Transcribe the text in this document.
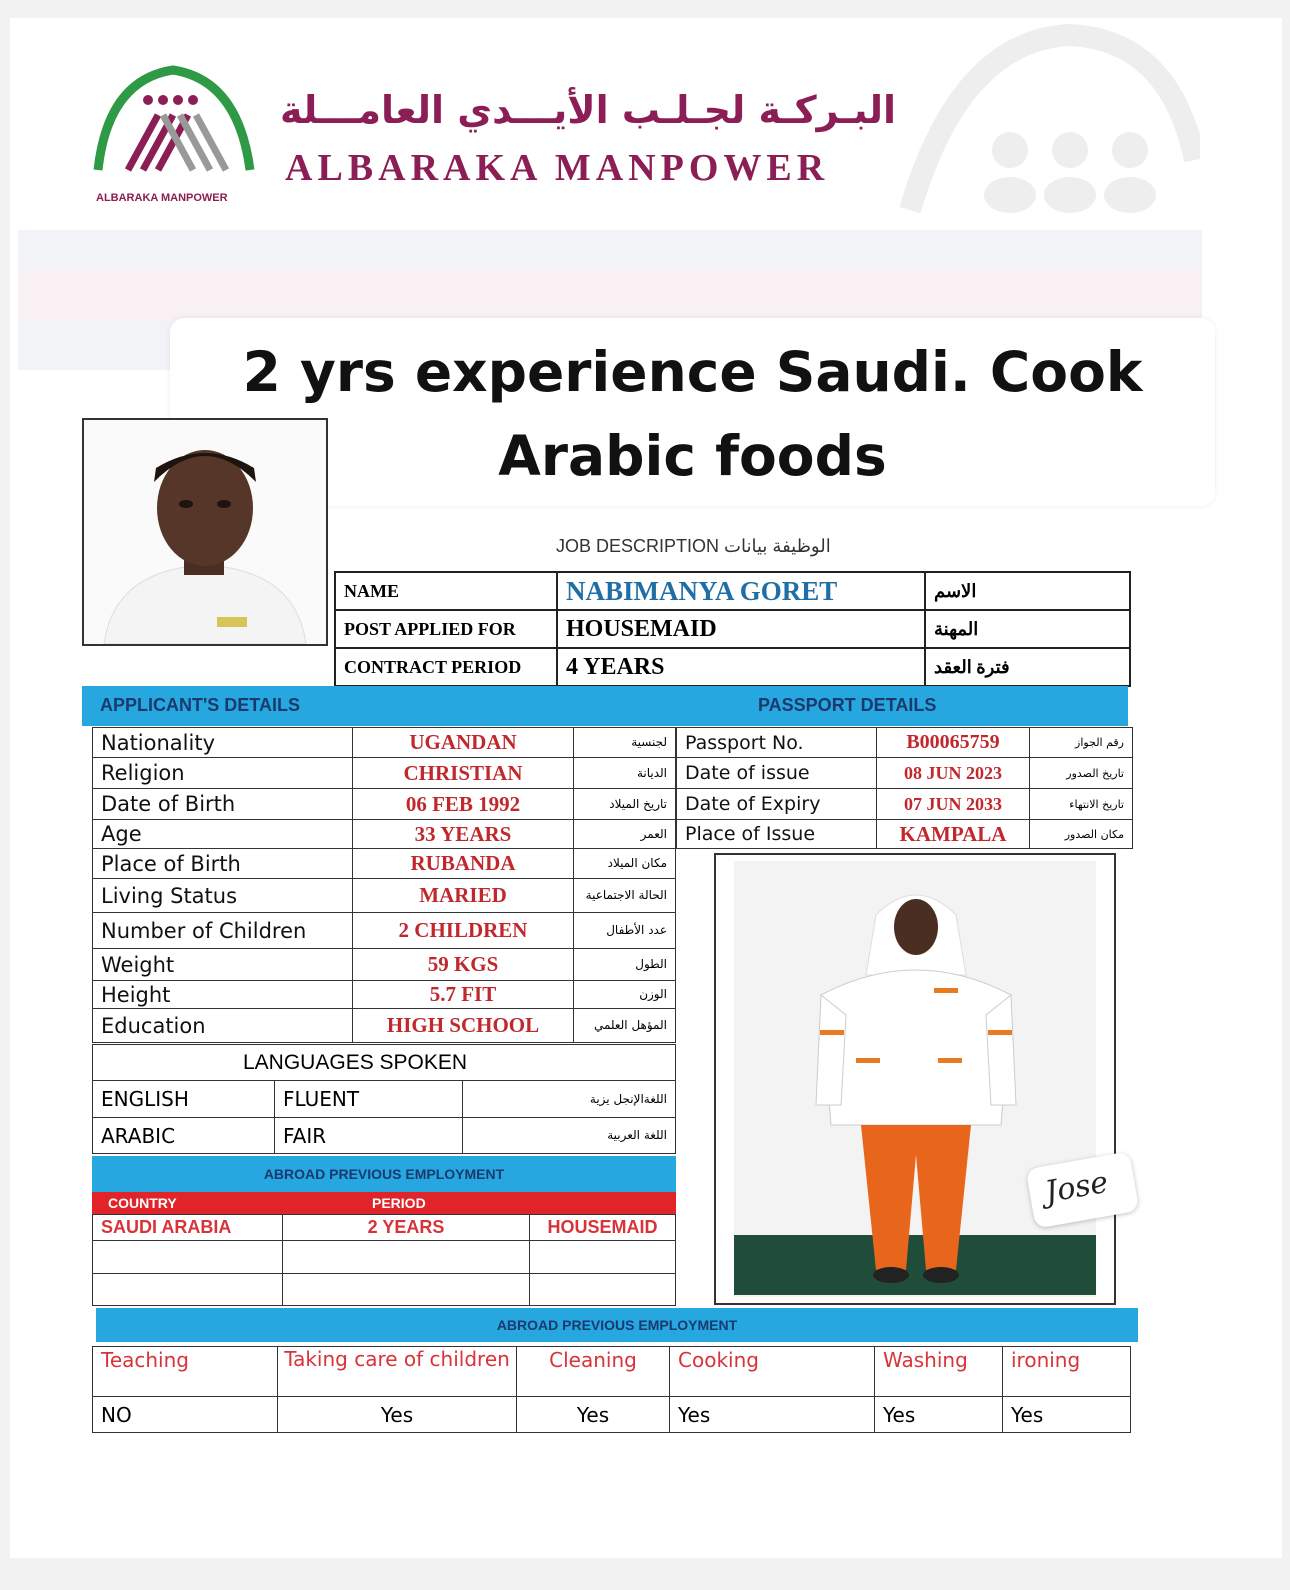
ALBARAKA MANPOWER
البـركـة لجـلـب الأيـــدي العامـــلة
ALBARAKA MANPOWER
2 yrs experience Saudi. Cook
Arabic foods
JOB DESCRIPTION الوظيفة بيانات
NAME	NABIMANYA GORET	الاسم
POST APPLIED FOR	HOUSEMAID	المهنة
CONTRACT PERIOD	4 YEARS	فترة العقد
APPLICANT'S DETAILS	PASSPORT DETAILS
Nationality	UGANDAN	لجنسية
Religion	CHRISTIAN	الديانة
Date of Birth	06 FEB 1992	تاريخ الميلاد
Age	33 YEARS	العمر
Place of Birth	RUBANDA	مكان الميلاد
Living Status	MARIED	الحالة الاجتماعية
Number of Children	2 CHILDREN	عدد الأطفال
Weight	59 KGS	الطول
Height	5.7 FIT	الوزن
Education	HIGH SCHOOL	المؤهل العلمي
Passport No.	B00065759	رقم الجواز
Date of issue	08 JUN 2023	تاريخ الصدور
Date of Expiry	07 JUN 2033	تاريخ الانتهاء
Place of Issue	KAMPALA	مكان الصدور
Jose
LANGUAGES SPOKEN		
ENGLISH	FLUENT	اللغةالإنجل يزية
ARABIC	FAIR	اللغة العربية
ABROAD PREVIOUS EMPLOYMENT
COUNTRY	PERIOD
SAUDI ARABIA	2 YEARS	HOUSEMAID

ABROAD PREVIOUS EMPLOYMENT
Teaching	Taking care of children	Cleaning	Cooking	Washing	ironing
NO	Yes	Yes	Yes	Yes	Yes
